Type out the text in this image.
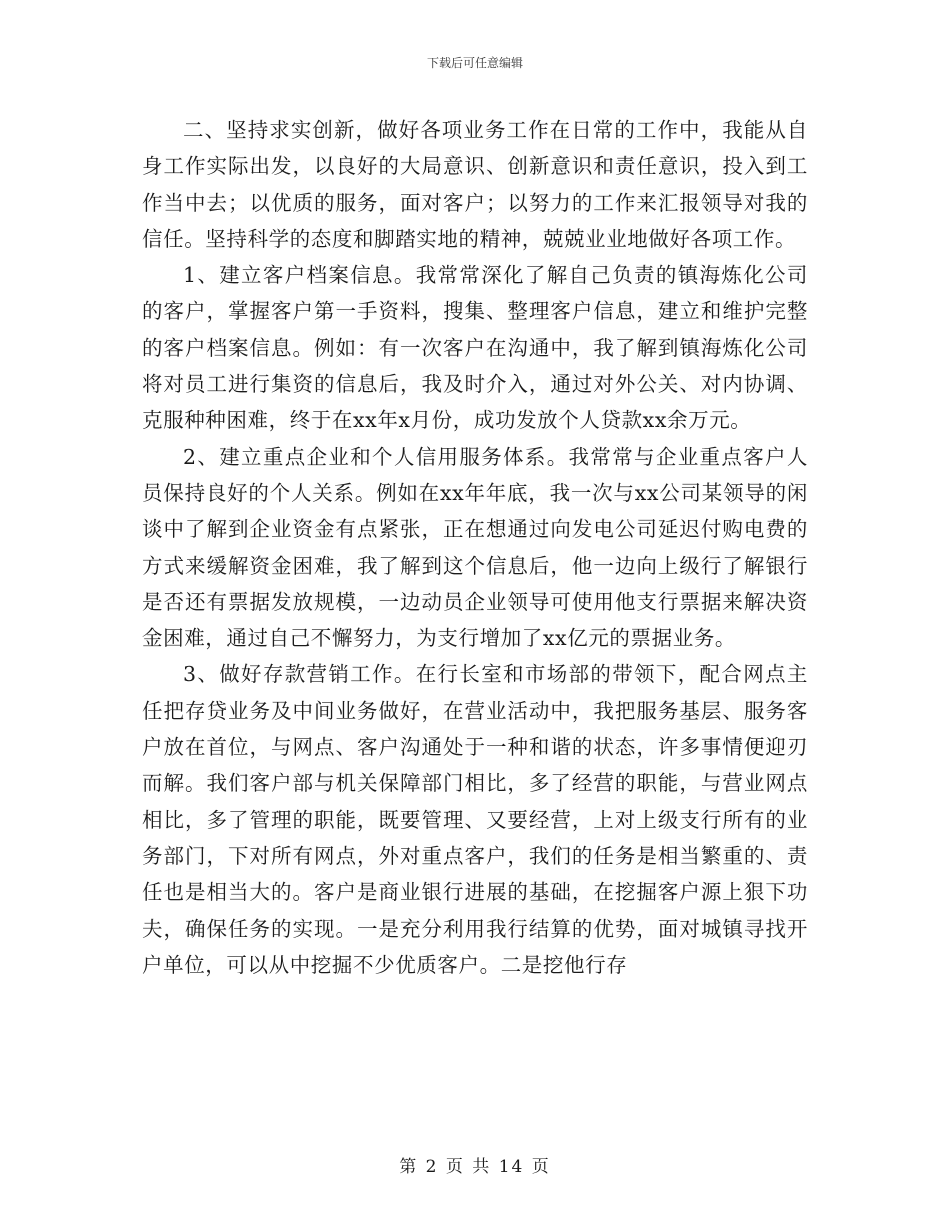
下载后可任意编辑

二、坚持求实创新，做好各项业务工作在日常的工作中，我能从自身工作实际出发，以良好的大局意识、创新意识和责任意识，投入到工作当中去；以优质的服务，面对客户；以努力的工作来汇报领导对我的信任。坚持科学的态度和脚踏实地的精神，兢兢业业地做好各项工作。

1、建立客户档案信息。我常常深化了解自己负责的镇海炼化公司的客户，掌握客户第一手资料，搜集、整理客户信息，建立和维护完整的客户档案信息。例如：有一次客户在沟通中，我了解到镇海炼化公司将对员工进行集资的信息后，我及时介入，通过对外公关、对内协调、克服种种困难，终于在xx年x月份，成功发放个人贷款xx余万元。

2、建立重点企业和个人信用服务体系。我常常与企业重点客户人员保持良好的个人关系。例如在xx年年底，我一次与xx公司某领导的闲谈中了解到企业资金有点紧张，正在想通过向发电公司延迟付购电费的方式来缓解资金困难，我了解到这个信息后，他一边向上级行了解银行是否还有票据发放规模，一边动员企业领导可使用他支行票据来解决资金困难，通过自己不懈努力，为支行增加了xx亿元的票据业务。

3、做好存款营销工作。在行长室和市场部的带领下，配合网点主任把存贷业务及中间业务做好，在营业活动中，我把服务基层、服务客户放在首位，与网点、客户沟通处于一种和谐的状态，许多事情便迎刃而解。我们客户部与机关保障部门相比，多了经营的职能，与营业网点相比，多了管理的职能，既要管理、又要经营，上对上级支行所有的业务部门，下对所有网点，外对重点客户，我们的任务是相当繁重的、责任也是相当大的。客户是商业银行进展的基础，在挖掘客户源上狠下功夫，确保任务的实现。一是充分利用我行结算的优势，面对城镇寻找开户单位，可以从中挖掘不少优质客户。二是挖他行存

第 2 页 共 14 页
